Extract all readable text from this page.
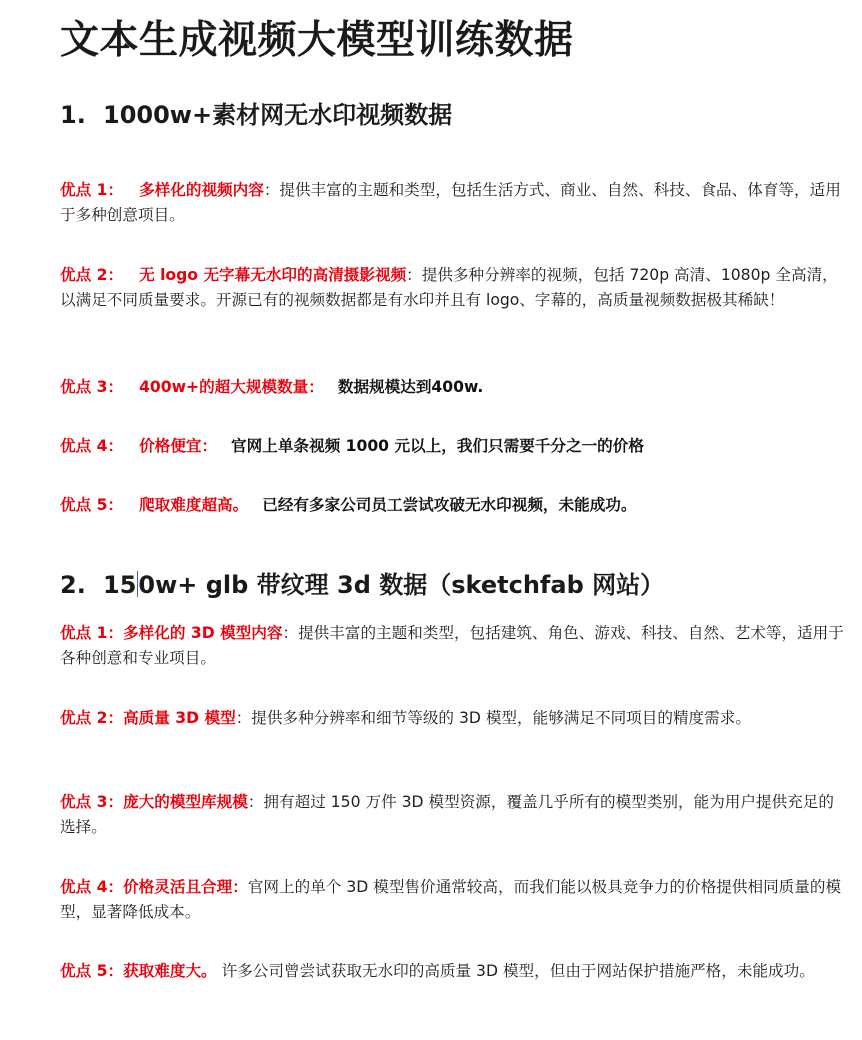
文本生成视频大模型训练数据
1. 1000w+素材网无水印视频数据

优点 1： 多样化的视频内容：提供丰富的主题和类型，包括生活方式、商业、自然、科技、食品、体育等，适用于多种创意项目。

优点 2： 无 logo 无字幕无水印的高清摄影视频：提供多种分辨率的视频，包括 720p 高清、1080p 全高清，以满足不同质量要求。开源已有的视频数据都是有水印并且有 logo、字幕的，高质量视频数据极其稀缺！

优点 3： 400w+的超大规模数量： 数据规模达到400w.

优点 4： 价格便宜： 官网上单条视频 1000 元以上，我们只需要千分之一的价格

优点 5： 爬取难度超高。 已经有多家公司员工尝试攻破无水印视频，未能成功。

2. 150w+ glb 带纹理 3d 数据（sketchfab 网站）

优点 1：多样化的 3D 模型内容：提供丰富的主题和类型，包括建筑、角色、游戏、科技、自然、艺术等，适用于各种创意和专业项目。

优点 2：高质量 3D 模型：提供多种分辨率和细节等级的 3D 模型，能够满足不同项目的精度需求。

优点 3：庞大的模型库规模：拥有超过 150 万件 3D 模型资源，覆盖几乎所有的模型类别，能为用户提供充足的选择。

优点 4：价格灵活且合理：官网上的单个 3D 模型售价通常较高，而我们能以极具竞争力的价格提供相同质量的模型，显著降低成本。

优点 5：获取难度大。 许多公司曾尝试获取无水印的高质量 3D 模型，但由于网站保护措施严格，未能成功。
